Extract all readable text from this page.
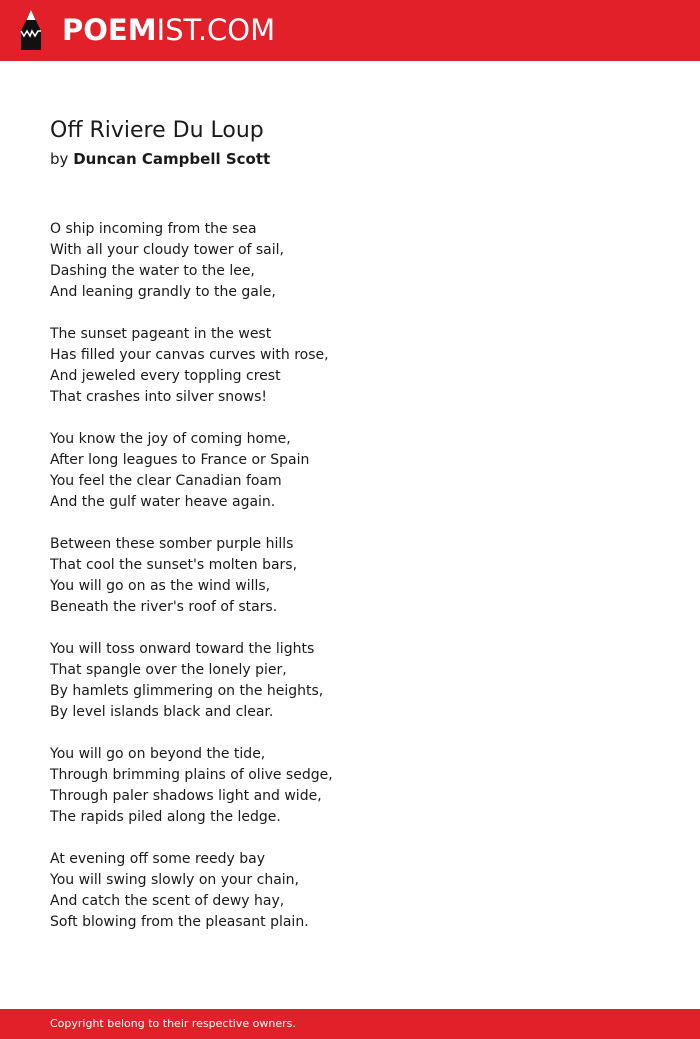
POEMIST.COM
Off Riviere Du Loup
by Duncan Campbell Scott
O ship incoming from the sea
With all your cloudy tower of sail,
Dashing the water to the lee,
And leaning grandly to the gale,
The sunset pageant in the west
Has filled your canvas curves with rose,
And jeweled every toppling crest
That crashes into silver snows!
You know the joy of coming home,
After long leagues to France or Spain
You feel the clear Canadian foam
And the gulf water heave again.
Between these somber purple hills
That cool the sunset's molten bars,
You will go on as the wind wills,
Beneath the river's roof of stars.
You will toss onward toward the lights
That spangle over the lonely pier,
By hamlets glimmering on the heights,
By level islands black and clear.
You will go on beyond the tide,
Through brimming plains of olive sedge,
Through paler shadows light and wide,
The rapids piled along the ledge.
At evening off some reedy bay
You will swing slowly on your chain,
And catch the scent of dewy hay,
Soft blowing from the pleasant plain.
Copyright belong to their respective owners.
